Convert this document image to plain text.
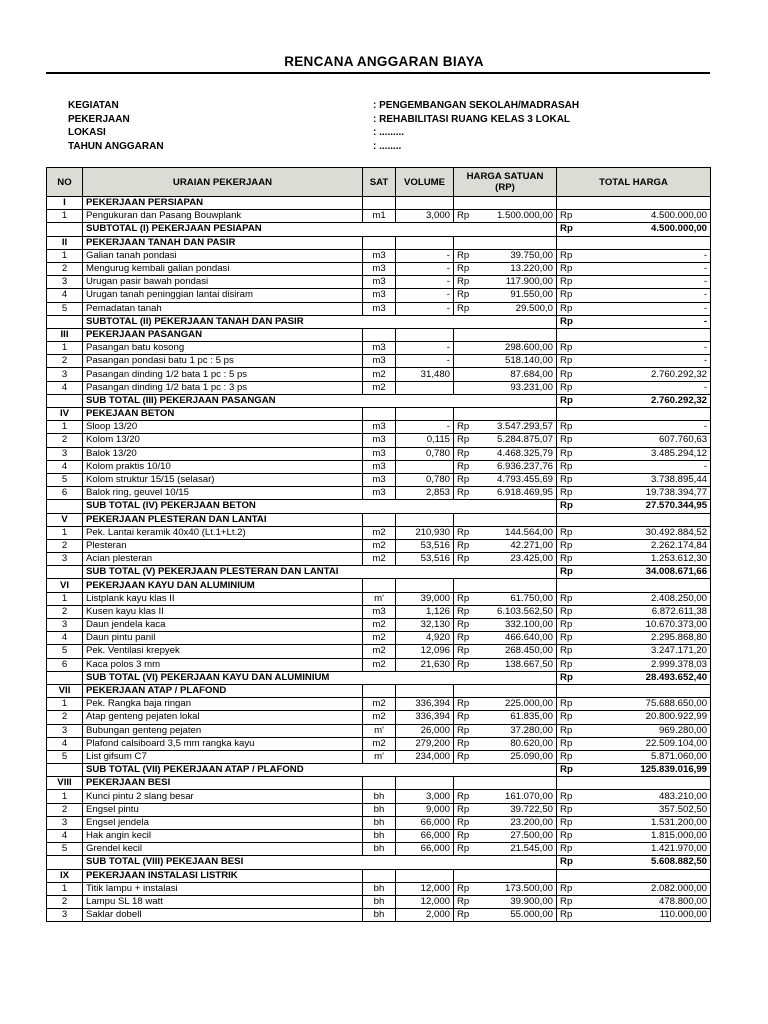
RENCANA ANGGARAN BIAYA
KEGIATAN	: PENGEMBANGAN SEKOLAH/MADRASAH
PEKERJAAN	: REHABILITASI RUANG KELAS 3 LOKAL
LOKASI	: .........
TAHUN ANGGARAN	: ........
NO	URAIAN PEKERJAAN	SAT	VOLUME	HARGA SATUAN (RP)		TOTAL HARGA	
I	PEKERJAAN PERSIAPAN						
1	Pengukuran dan Pasang Bouwplank	m1	3,000	Rp	1.500.000,00	Rp	4.500.000,00
	SUBTOTAL (I) PEKERJAAN PESIAPAN					Rp	4.500.000,00
II	PEKERJAAN TANAH DAN PASIR						
1	Galian tanah pondasi	m3	-	Rp	39.750,00	Rp	-
2	Mengurug kembali galian pondasi	m3	-	Rp	13.220,00	Rp	-
3	Urugan pasir bawah pondasi	m3	-	Rp	117.900,00	Rp	-
4	Urugan tanah peninggian lantai disiram	m3	-	Rp	91.550,00	Rp	-
5	Pemadatan tanah	m3	-	Rp	29.500,0	Rp	-
	SUBTOTAL (II) PEKERJAAN TANAH DAN PASIR					Rp	-
III	PEKERJAAN PASANGAN						
1	Pasangan batu kosong	m3	-		298.600,00	Rp	-
2	Pasangan pondasi batu 1 pc : 5 ps	m3	-		518.140,00	Rp	-
3	Pasangan dinding 1/2 bata 1 pc : 5 ps	m2	31,480		87.684,00	Rp	2.760.292,32
4	Pasangan dinding 1/2 bata 1 pc : 3 ps	m2			93.231,00	Rp	-
	SUB TOTAL (III) PEKERJAAN PASANGAN					Rp	2.760.292,32
IV	PEKEJAAN BETON						
1	Sloop 13/20	m3	-	Rp	3.547.293,57	Rp	-
2	Kolom 13/20	m3	0,115	Rp	5.284.875,07	Rp	607.760,63
3	Balok 13/20	m3	0,780	Rp	4.468.325,79	Rp	3.485.294,12
4	Kolom praktis 10/10	m3		Rp	6.936.237,76	Rp	-
5	Kolom struktur 15/15 (selasar)	m3	0,780	Rp	4.793.455,69	Rp	3.738.895,44
6	Balok ring, geuvel 10/15	m3	2,853	Rp	6.918.469,95	Rp	19.738.394,77
	SUB TOTAL (IV) PEKERJAAN BETON					Rp	27.570.344,95
V	PEKERJAAN PLESTERAN DAN LANTAI						
1	Pek. Lantai keramik 40x40 (Lt.1+Lt.2)	m2	210,930	Rp	144.564,00	Rp	30.492.884,52
2	Plesteran	m2	53,516	Rp	42.271,00	Rp	2.262.174,84
3	Acian plesteran	m2	53,516	Rp	23.425,00	Rp	1.253.612,30
	SUB TOTAL (V) PEKERJAAN PLESTERAN DAN LANTAI					Rp	34.008.671,66
VI	PEKERJAAN KAYU DAN ALUMINIUM						
1	Listplank kayu klas II	m'	39,000	Rp	61.750,00	Rp	2.408.250,00
2	Kusen kayu klas II	m3	1,126	Rp	6.103.562,50	Rp	6.872.611,38
3	Daun jendela kaca	m2	32,130	Rp	332.100,00	Rp	10.670.373,00
4	Daun pintu panil	m2	4,920	Rp	466.640,00	Rp	2.295.868,80
5	Pek. Ventilasi krepyek	m2	12,096	Rp	268.450,00	Rp	3.247.171,20
6	Kaca polos 3 mm	m2	21,630	Rp	138.667,50	Rp	2.999.378,03
	SUB TOTAL (VI) PEKERJAAN KAYU DAN ALUMINIUM					Rp	28.493.652,40
VII	PEKERJAAN ATAP / PLAFOND						
1	Pek. Rangka baja ringan	m2	336,394	Rp	225.000,00	Rp	75.688.650,00
2	Atap genteng pejaten lokal	m2	336,394	Rp	61.835,00	Rp	20.800.922,99
3	Bubungan genteng pejaten	m'	26,000	Rp	37.280,00	Rp	969.280,00
4	Plafond calsiboard 3,5 mm rangka kayu	m2	279,200	Rp	80.620,00	Rp	22.509.104,00
5	List gifsum C7	m'	234,000	Rp	25.090,00	Rp	5.871.060,00
	SUB TOTAL (VII) PEKERJAAN ATAP / PLAFOND					Rp	125.839.016,99
VIII	PEKERJAAN BESI						
1	Kunci pintu 2 slang besar	bh	3,000	Rp	161.070,00	Rp	483.210,00
2	Engsel pintu	bh	9,000	Rp	39.722,50	Rp	357.502,50
3	Engsel jendela	bh	66,000	Rp	23.200,00	Rp	1.531.200,00
4	Hak angin kecil	bh	66,000	Rp	27.500,00	Rp	1.815.000,00
5	Grendel kecil	bh	66,000	Rp	21.545,00	Rp	1.421.970,00
	SUB TOTAL (VIII) PEKEJAAN BESI					Rp	5.608.882,50
IX	PEKERJAAN INSTALASI LISTRIK						
1	Titik lampu + instalasi	bh	12,000	Rp	173.500,00	Rp	2.082.000,00
2	Lampu SL 18 watt	bh	12,000	Rp	39.900,00	Rp	478.800,00
3	Saklar dobell	bh	2,000	Rp	55.000,00	Rp	110.000,00
